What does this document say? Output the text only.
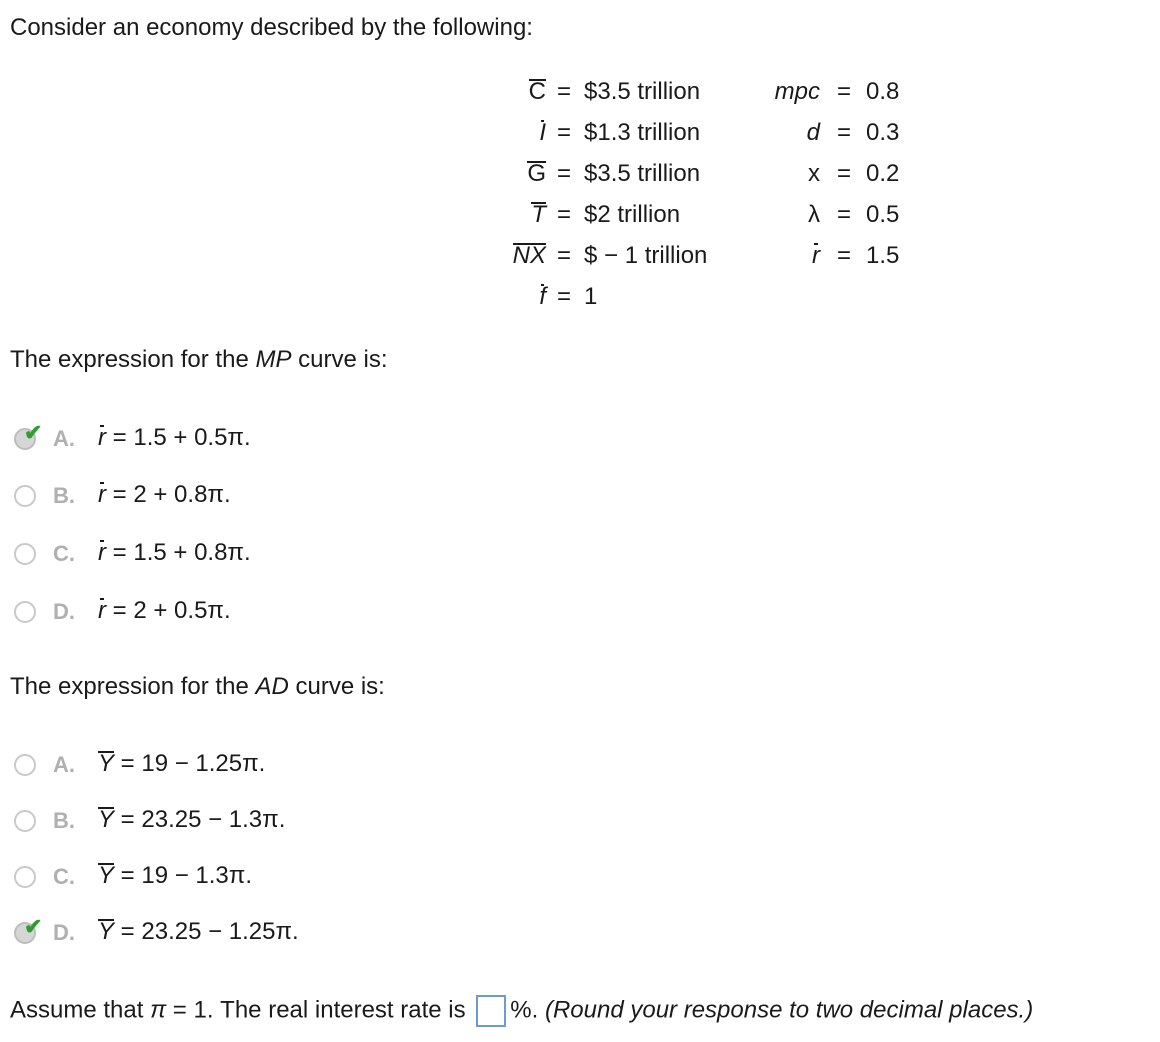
Consider an economy described by the following:
C = $3.5 trillion
I = $1.3 trillion
G = $3.5 trillion
T = $2 trillion
NX = $ − 1 trillion
f = 1
mpc = 0.8
d = 0.3
x = 0.2
λ = 0.5
r = 1.5
The expression for the MP curve is:
✔ A. r = 1.5 + 0.5π.
B. r = 2 + 0.8π.
C. r = 1.5 + 0.8π.
D. r = 2 + 0.5π.
The expression for the AD curve is:
A. Y = 19 − 1.25π.
B. Y = 23.25 − 1.3π.
C. Y = 19 − 1.3π.
✔ D. Y = 23.25 − 1.25π.
Assume that π = 1. The real interest rate is %. (Round your response to two decimal places.)
